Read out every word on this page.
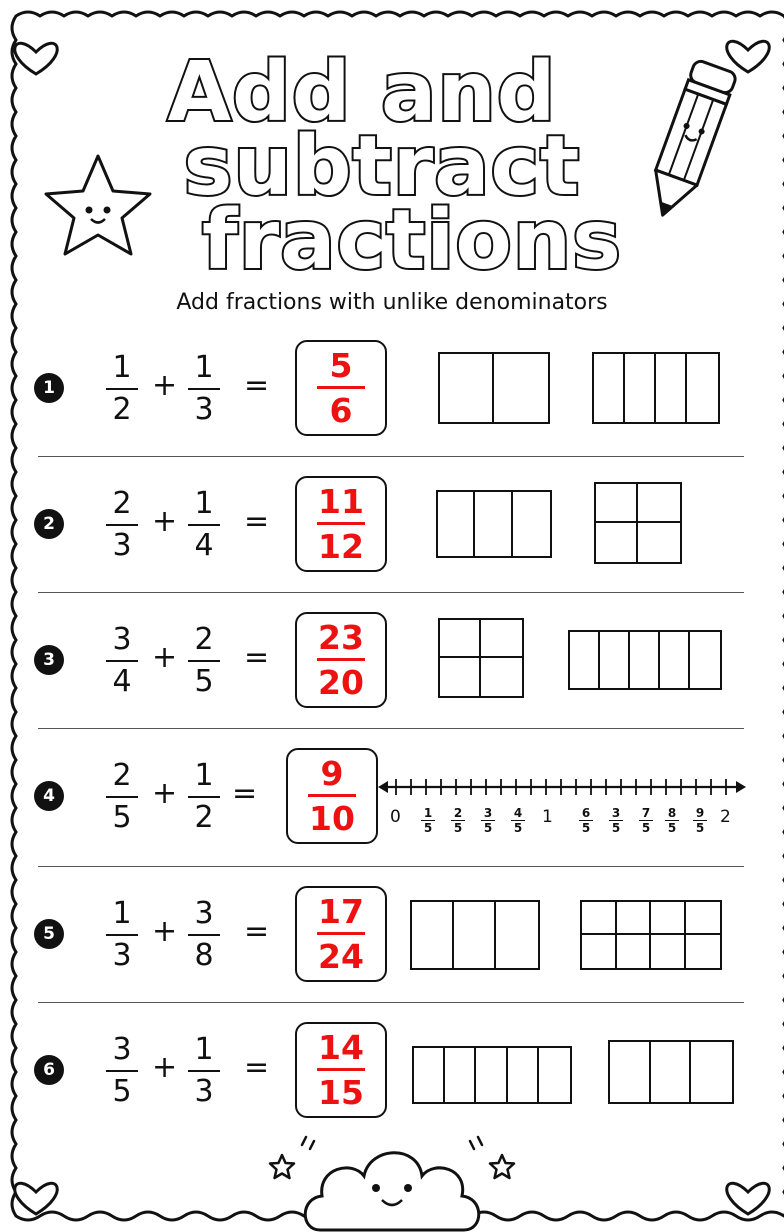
Add and
subtract
fractions
Add fractions with unlike denominators
1
1
2
+
1
3
=
5
6
2
2
3
+
1
4
=
11
12
3
3
4
+
2
5
=
23
20
4
2
5
+
1
2
=
9
10
5
1
3
+
3
8
=
17
24
6
3
5
+
1
3
=
14
15
0	1	2
1
5
2
5
3
5
4
5
6
5
3
5
7
5
8
5
9
5
